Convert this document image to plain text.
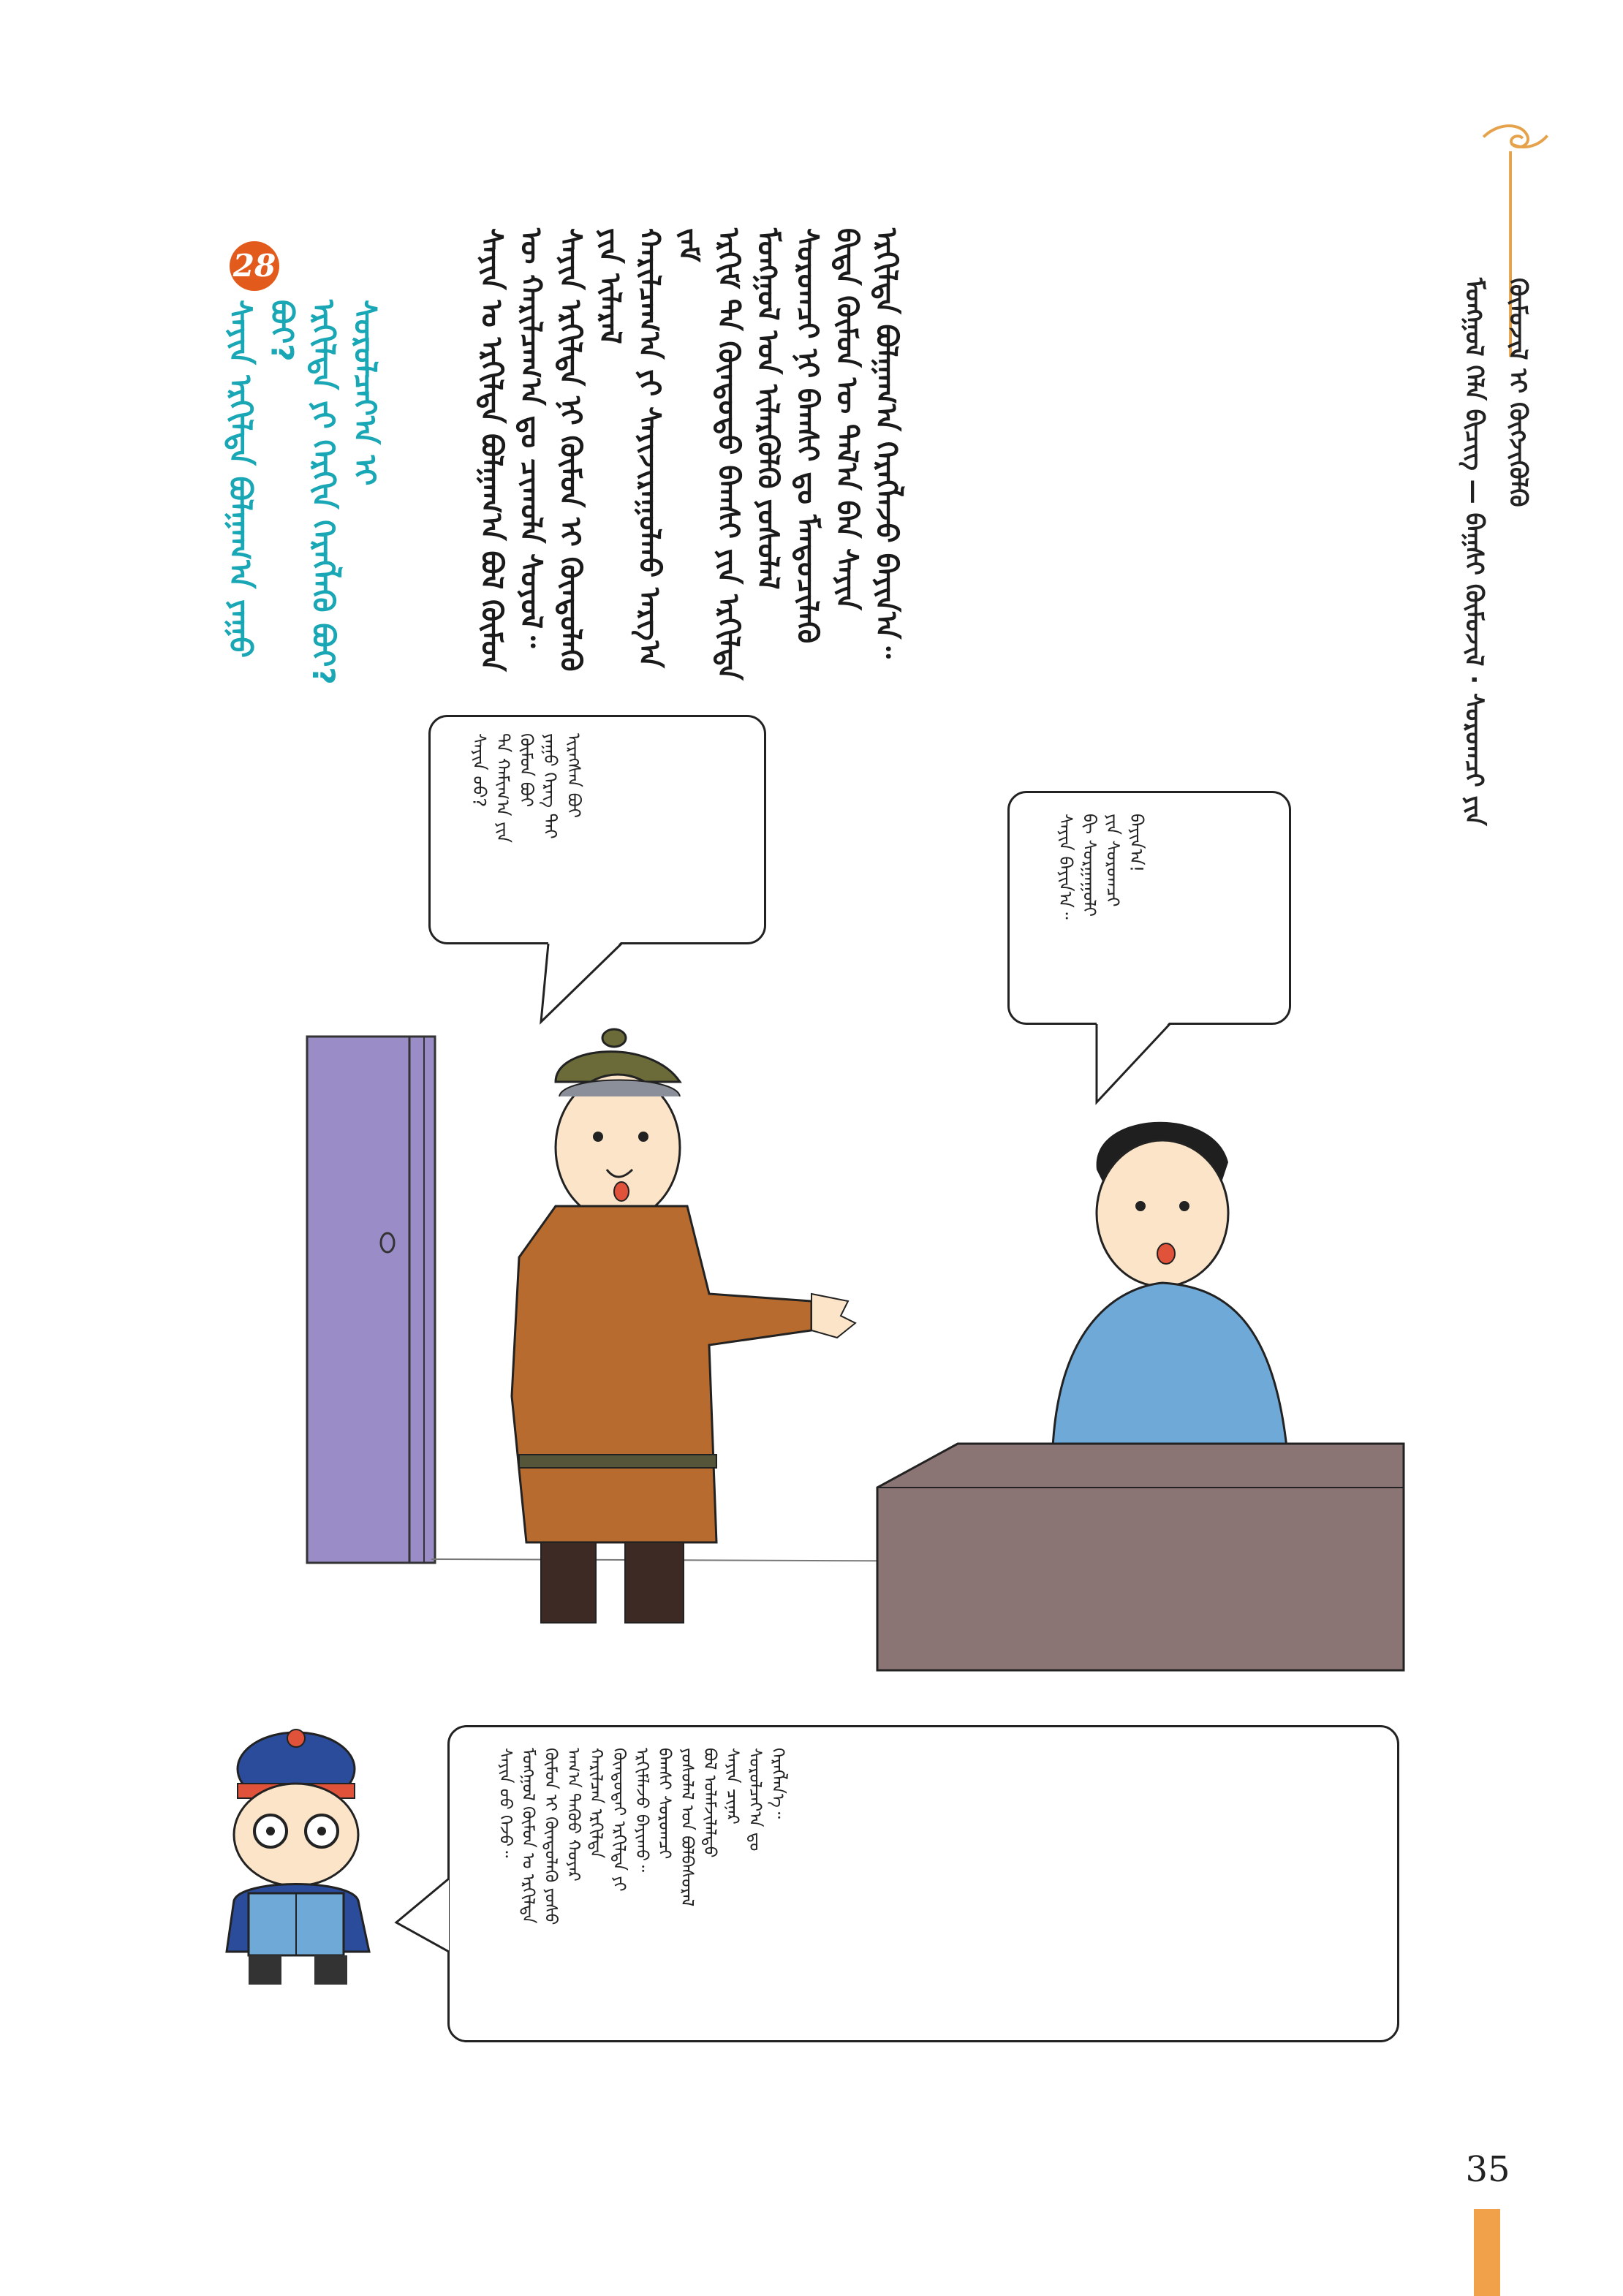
ᠮᠣᠩᠭᠣᠯ ᠬᠡᠯᠡ ᠪᠢᠴᠢᠭ — ᠪᠠᠭ᠋ᠰᠢ ᠬᠦᠮᠦᠵᠢᠯ · ᠰᠤᠷᠤᠭᠴᠢ ᠶᠢᠨ ᠬᠦᠮᠦᠵᠢᠯ ᠢ ᠬᠥᠭᠵᠢᠭᠦᠯᠬᠦ
ᠰᠠᠶᠢᠨ ᠤ ᠡᠷᠭᠢᠯᠲᠡ ᠪᠣᠯᠭᠠᠭ᠎ᠠ ᠪᠣᠯ ᠬᠦᠮᠦᠨ ᠦ ᠬᠠᠷᠢᠯᠴᠠᠭ᠎ᠠ ᠳᠤ ᠴᠢᠬᠤᠯᠠ ᠰᠣᠶᠣᠯ᠃
ᠰᠠᠶᠢᠨ ᠡᠷᠭᠢᠯᠲᠡ ᠨᠢ ᠬᠦᠮᠦᠨ ᠢ ᠬᠦᠨᠳᠦᠯᠡᠬᠦ ᠶᠢᠨ ᠢᠯᠡᠷᠡᠯ
ᠬᠠᠷᠢᠯᠴᠠᠭ᠎ᠠ ᠶᠢ ᠰᠠᠶᠢᠵᠢᠷᠠᠭᠤᠯᠬᠤ ᠠᠷᠭ᠎ᠠ ᠵᠠᠮ
ᠡᠷᠬᠢᠮ ᠲᠠ ᠬᠦᠨᠳᠦᠲᠦ ᠪᠠᠭᠰᠢ ᠶᠢᠨ ᠡᠷᠭᠢᠯᠲᠡ
ᠮᠣᠩᠭᠣᠯ ᠤᠨ ᠢᠯᠡᠷᠭᠦᠯᠬᠦ ᠶᠣᠰᠣᠯᠠᠯ
ᠰᠤᠷᠤᠭᠴᠢ ᠨᠢ ᠪᠠᠭᠰᠢ ᠳᠤ ᠮᠡᠨᠳᠦᠴᠢᠯᠡᠬᠦ
ᠪᠢᠳᠡ ᠬᠦᠮᠦᠨ ᠦ ᠲᠠᠯ᠎ᠠ ᠪᠠᠨ ᠰᠠᠶᠢᠨ
ᠡᠷᠭᠢᠯᠲᠡ ᠪᠣᠯᠭᠠᠭ᠎ᠠ ᠬᠡᠷᠡᠭᠯᠡᠵᠦ ᠪᠠᠶᠢᠨ᠎ᠠ᠃
28
ᠰᠠᠶᠢᠨ ᠡᠷᠭᠢᠯᠲᠡ ᠪᠣᠯᠭᠠᠭ᠎ᠠ ᠶᠠᠭᠤ ᠪᠣᠢ?
ᠡᠷᠭᠢᠯᠲᠡ ᠶᠢ ᠬᠡᠷᠬᠢᠨ ᠬᠡᠷᠡᠭᠯᠡᠬᠦ ᠪᠣᠢ?
ᠰᠤᠷᠤᠯᠴᠠᠶ᠎ᠠ ᠢ
ᠰᠠᠶᠢᠨ ᠤᠤ?
ᠲᠠ ᠬᠠᠮᠢᠭ᠎ᠠ ᠶᠢᠨ
ᠬᠦᠮᠦᠨ ᠪᠣᠢ
ᠶᠠᠭᠤ ᠬᠡᠷᠡᠭ ᠲᠡᠢ
ᠢᠷᠡᠭᠰᠡᠨ ᠪᠣᠢ
ᠰᠠᠶᠢᠨ ᠪᠠᠶᠢᠨ᠎ᠠ᠃
ᠪᠢ ᠰᠤᠷᠭᠠᠭᠤᠯᠢ
ᠶᠢᠨ ᠰᠤᠷᠤᠭᠴᠢ
ᠪᠠᠶᠢᠨ᠎ᠠ!
ᠰᠠᠶᠢᠨ ᠤᠤ ᠭᠡᠵᠦ᠃
ᠮᠣᠩᠭᠣᠯ ᠬᠦᠮᠦᠨ ᠤ ᠡᠷᠭᠢᠯᠲᠡ
ᠬᠦᠮᠦᠨ ᠢ ᠬᠦᠨᠳᠦᠯᠡᠬᠦ ᠶᠣᠰᠣ
ᠠᠬ᠎ᠠ ᠳᠡᠭᠦᠦ ᠬᠣᠶᠠᠷ
ᠬᠠᠷᠢᠯᠴᠠᠨ ᠡᠷᠭᠢᠯᠲᠡ
ᠬᠦᠨᠳᠦᠲᠡᠢ ᠡᠷᠭᠢᠯᠲᠡ ᠶᠢ
ᠡᠷᠬᠢᠮᠯᠡᠵᠦ ᠪᠠᠶᠢᠬᠤ᠃
ᠪᠠᠭᠰᠢ ᠰᠤᠷᠤᠭᠴᠢ
ᠶᠣᠰᠣᠯᠠᠯ ᠤᠨ ᠪᠣᠯᠪᠠᠰᠤᠷᠠᠯ
ᠪᠣᠯ ᠤᠯᠠᠮᠵᠢᠯᠠᠯᠲᠤ
ᠰᠠᠶᠢᠨ ᠴᠢᠨᠠᠷ
ᠰᠤᠷᠤᠯᠴᠠᠶ᠎ᠠ ᠳᠤ
ᠬᠡᠷᠡᠭᠯᠡᠨ᠎ᠡ᠃
35
